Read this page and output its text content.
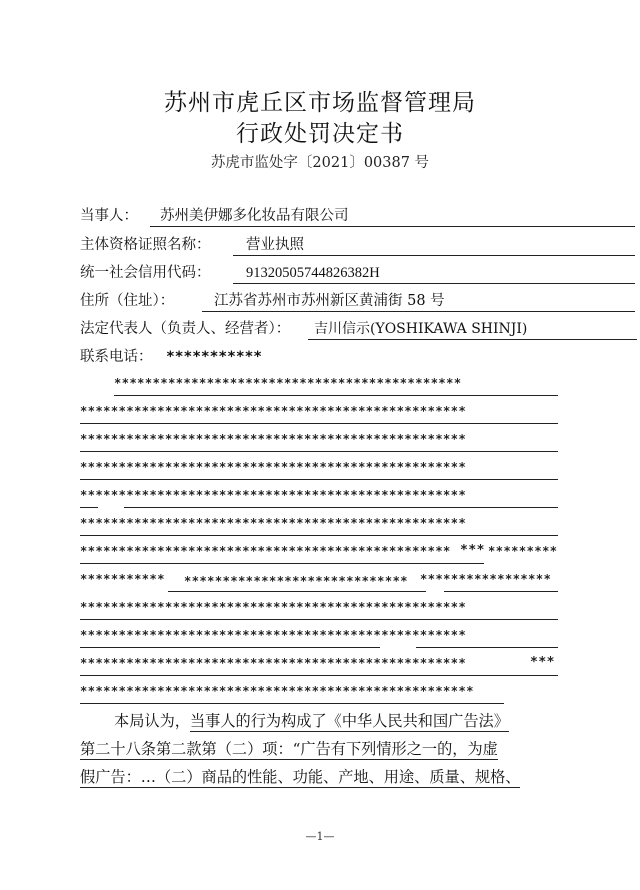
苏州市虎丘区市场监督管理局
行政处罚决定书
苏虎市监处字〔2021〕00387 号
当事人： 苏州美伊娜多化妆品有限公司
主体资格证照名称： 营业执照
统一社会信用代码： 91320505744826382H
住所（住址）：	江苏省苏州市苏州新区黄浦街 58 号
法定代表人（负责人、经营者）： 吉川信示(YOSHIKAWA SHINJI)
联系电话： ***********
*********************************************
**************************************************
**************************************************
**************************************************
**************************************************
**************************************************
************************************************ *** *********
*********** ***************************** *****************
**************************************************
**************************************************
**************************************************	***
***************************************************
本局认为，当事人的行为构成了《中华人民共和国广告法》
第二十八条第二款第（二）项：“广告有下列情形之一的，为虚
假广告：…（二）商品的性能、功能、产地、用途、质量、规格、
—1—
